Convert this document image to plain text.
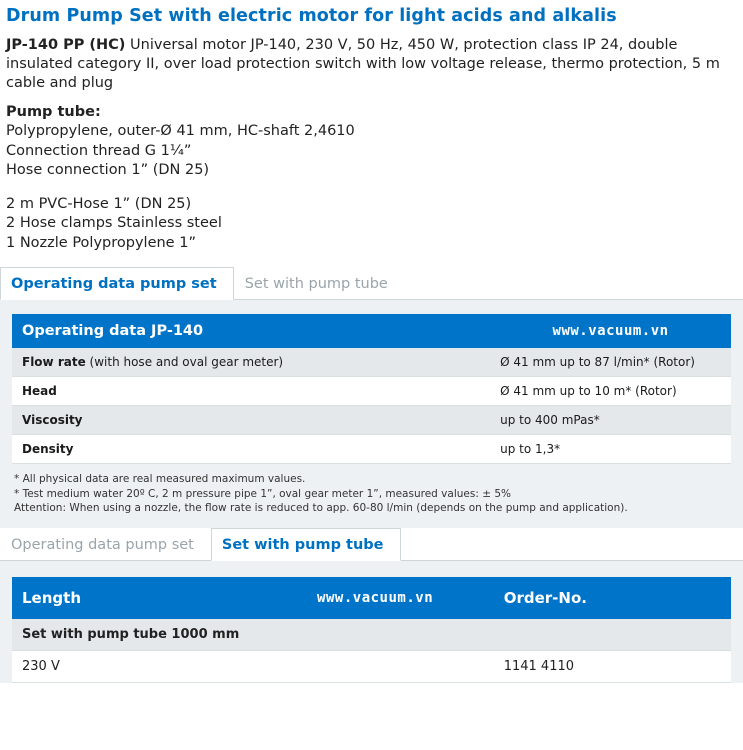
Drum Pump Set with electric motor for light acids and alkalis
JP-140 PP (HC) Universal motor JP-140, 230 V, 50 Hz, 450 W, protection class IP 24, double insulated category II, over load protection switch with low voltage release, thermo protection, 5 m cable and plug
Pump tube:
Polypropylene, outer-Ø 41 mm, HC-shaft 2,4610
Connection thread G 1¼”
Hose connection 1” (DN 25)
2 m PVC-Hose 1” (DN 25)
2 Hose clamps Stainless steel
1 Nozzle Polypropylene 1”
Operating data pump set	Set with pump tube
Operating data JP-140	www.vacuum.vn
Flow rate (with hose and oval gear meter)	Ø 41 mm up to 87 l/min* (Rotor)
Head	Ø 41 mm up to 10 m* (Rotor)
Viscosity	up to 400 mPas*
Density	up to 1,3*
* All physical data are real measured maximum values.
* Test medium water 20º C, 2 m pressure pipe 1”, oval gear meter 1”, measured values: ± 5%
Attention: When using a nozzle, the flow rate is reduced to app. 60-80 l/min (depends on the pump and application).
Operating data pump set	Set with pump tube
Length	www.vacuum.vn	Order-No.
Set with pump tube 1000 mm		
230 V		1141 4110
